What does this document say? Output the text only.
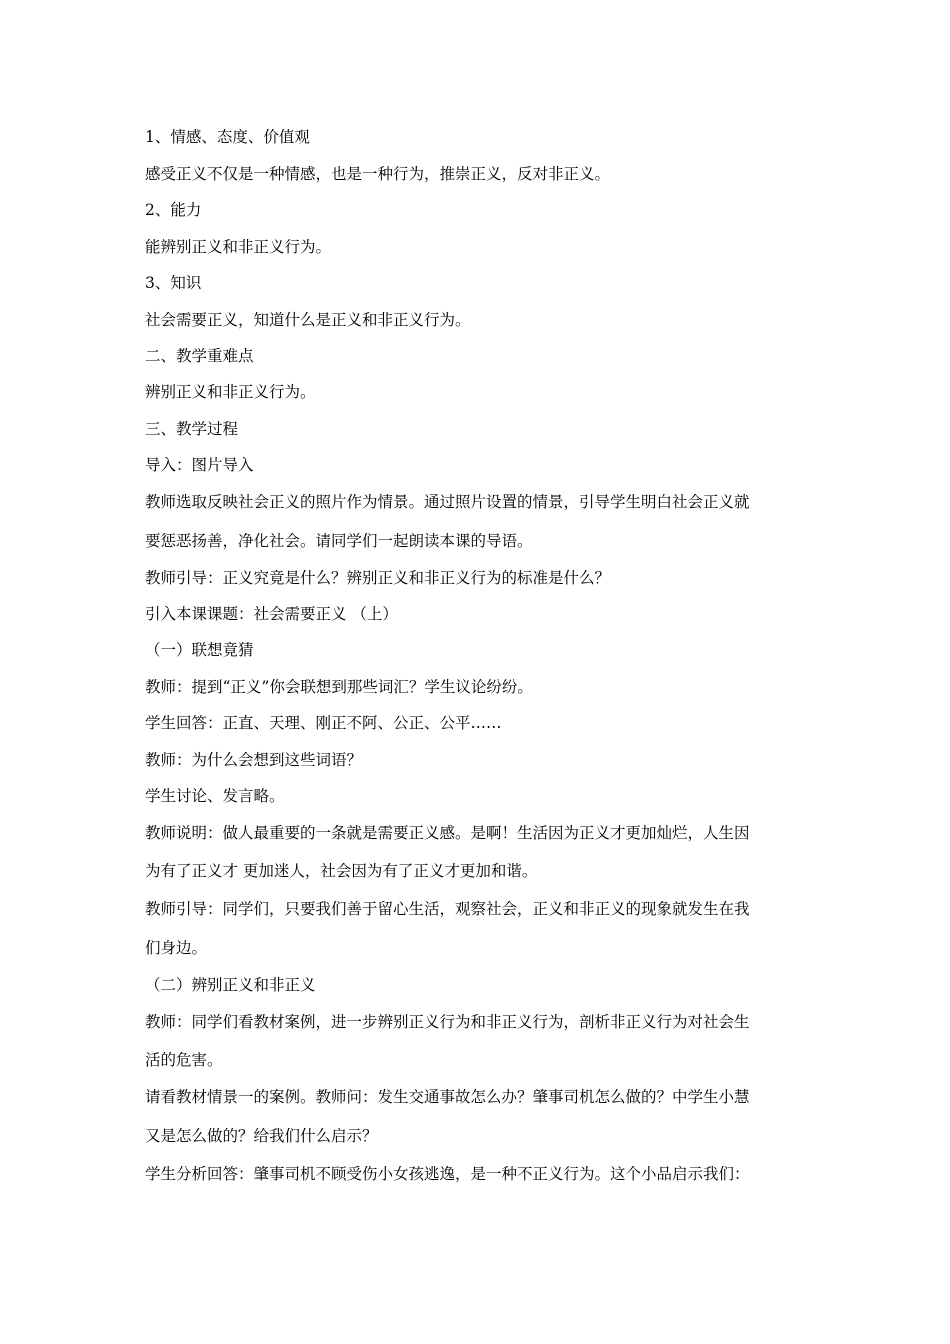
1、情感、态度、价值观
感受正义不仅是一种情感，也是一种行为，推崇正义，反对非正义。
2、能力
能辨别正义和非正义行为。
3、知识
社会需要正义，知道什么是正义和非正义行为。
二、教学重难点
辨别正义和非正义行为。
三、教学过程
导入：图片导入
教师选取反映社会正义的照片作为情景。通过照片设置的情景，引导学生明白社会正义就
要惩恶扬善，净化社会。请同学们一起朗读本课的导语。
教师引导：正义究竟是什么？辨别正义和非正义行为的标准是什么？
引入本课课题：社会需要正义 （上）
（一）联想竟猜
教师：提到“正义”你会联想到那些词汇？学生议论纷纷。
学生回答：正直、天理、刚正不阿、公正、公平……
教师：为什么会想到这些词语？
学生讨论、发言略。
教师说明：做人最重要的一条就是需要正义感。是啊！生活因为正义才更加灿烂，人生因
为有了正义才 更加迷人，社会因为有了正义才更加和谐。
教师引导：同学们，只要我们善于留心生活，观察社会，正义和非正义的现象就发生在我
们身边。
（二）辨别正义和非正义
教师：同学们看教材案例，进一步辨别正义行为和非正义行为，剖析非正义行为对社会生
活的危害。
请看教材情景一的案例。教师问：发生交通事故怎么办？肇事司机怎么做的？中学生小慧
又是怎么做的？给我们什么启示？
学生分析回答：肇事司机不顾受伤小女孩逃逸，是一种不正义行为。这个小品启示我们：
